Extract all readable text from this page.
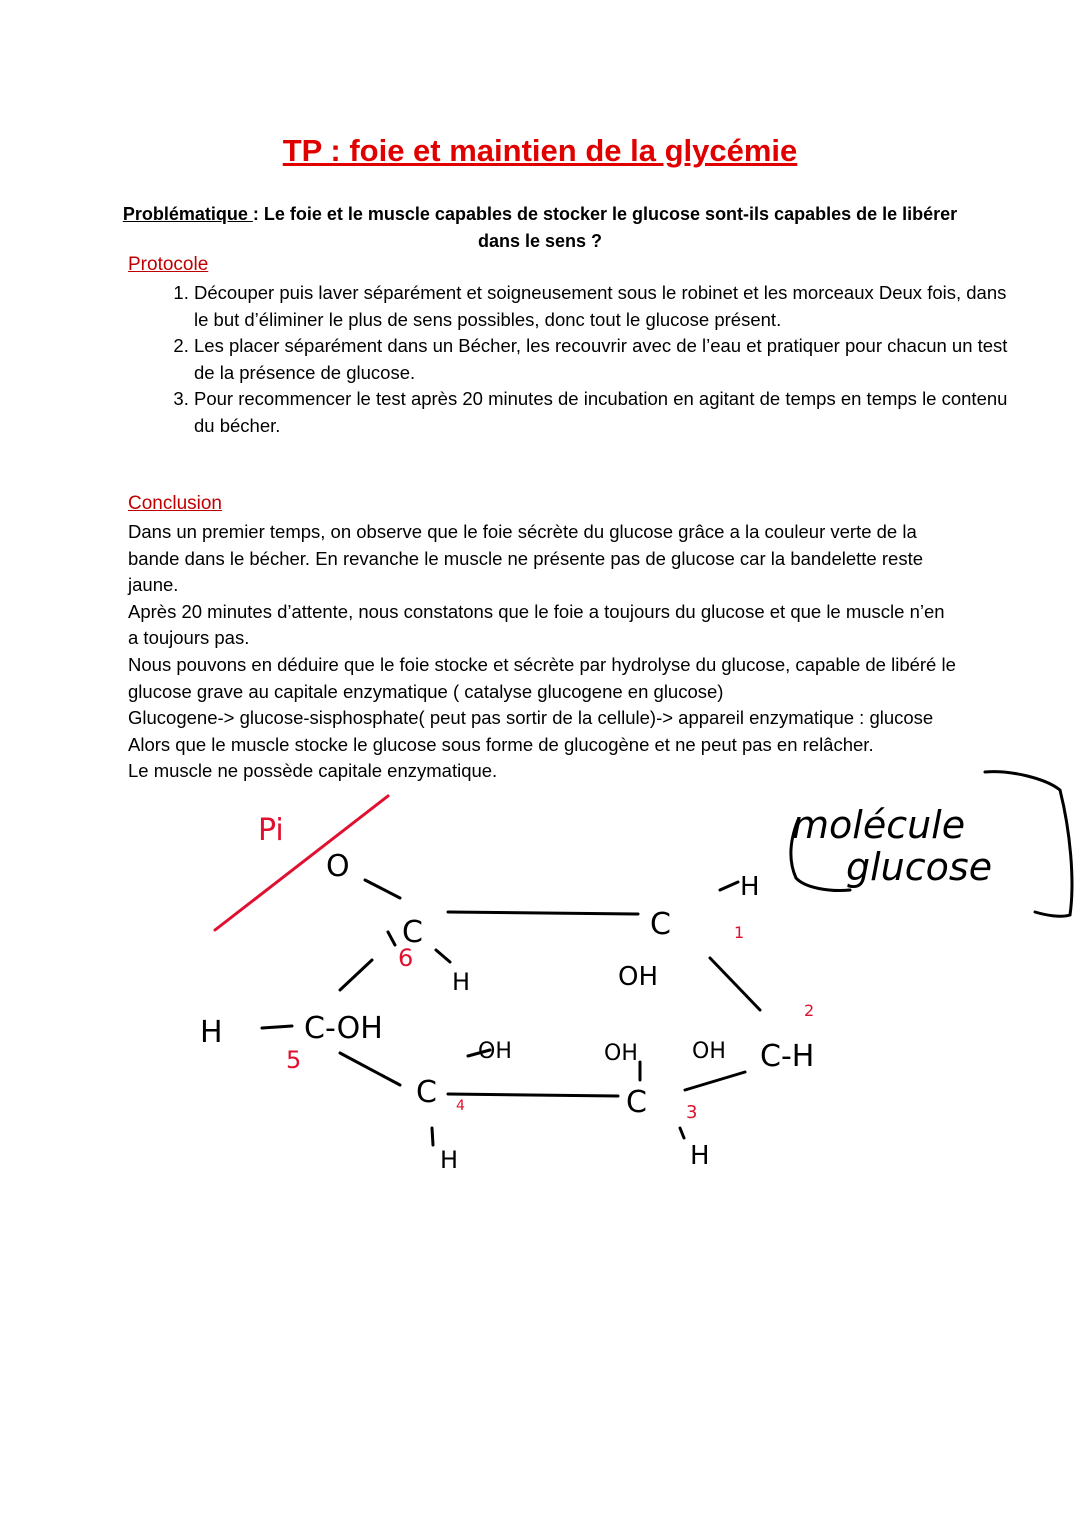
TP : foie et maintien de la glycémie
Problématique : Le foie et le muscle capables de stocker le glucose sont-ils capables de le libérer dans le sens ?
Protocole
1. Découper puis laver séparément et soigneusement sous le robinet et les morceaux Deux fois, dans le but d’éliminer le plus de sens possibles, donc tout le glucose présent.
2. Les placer séparément dans un Bécher, les recouvrir avec de l’eau et pratiquer pour chacun un test de la présence de glucose.
3. Pour recommencer le test après 20 minutes de incubation en agitant de temps en temps le contenu du bécher.
Conclusion

Dans un premier temps, on observe que le foie sécrète du glucose grâce a la couleur verte de la bande dans le bécher. En revanche le muscle ne présente pas de glucose car la bandelette reste jaune.

Après 20 minutes d’attente, nous constatons que le foie a toujours du glucose et que le muscle n’en a toujours pas.

Nous pouvons en déduire que le foie stocke et sécrète par hydrolyse du glucose, capable de libéré le glucose grave au capitale enzymatique ( catalyse glucogene en glucose)

Glucogene-> glucose-sisphosphate( peut pas sortir de la cellule)-> appareil enzymatique : glucose

Alors que le muscle stocke le glucose sous forme de glucogène et ne peut pas en relâcher.

Le muscle ne possède capitale enzymatique.

O
C
H
H	C-OH
OH
C
H
C
H
OH
OH OH C-H
C
H
Pi
6
5
4	3
2
1
molécule
glucose
